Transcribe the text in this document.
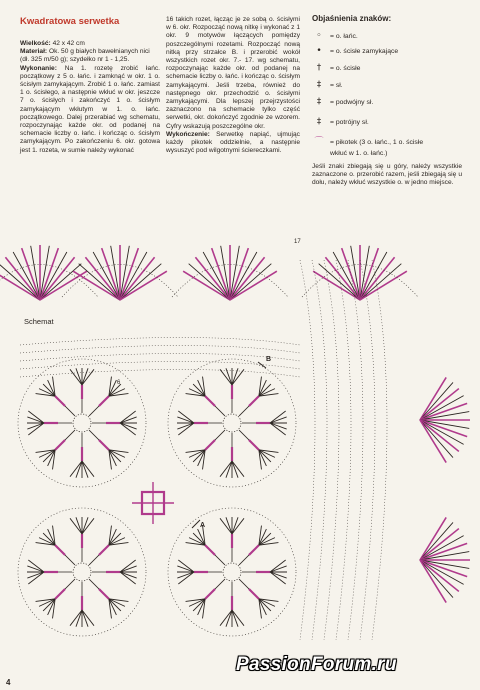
Kwadratowa serwetka

Wielkość: 42 x 42 cm

Materiał: Ok. 50 g białych bawełnianych nici (dł. 325 m/50 g); szydełko nr 1 - 1,25.

Wykonanie: Na 1. rozetę zrobić łańc. początkowy z 5 o. łańc. i zamknąć w okr. 1 o. ścisłym zamykającym. Zrobić 1 o. łańc. zamiast 1 o. ścisłego, a następnie wkłuć w okr. jeszcze 7 o. ścisłych i zakończyć 1 o. ścisłym zamykającym wkłutym w 1. o. łańc. początkowego. Dalej przerabiać wg schematu, rozpoczynając każde okr. od podanej na schemacie liczby o. łańc. i kończąc o. ścisłym zamykającym. Po zakończeniu 6. okr. gotowa jest 1. rozeta, w sumie należy wykonać

16 takich rozet, łącząc je ze sobą o. ścisłymi w 6. okr. Rozpocząć nową nitkę i wykonać z 1 okr. 9 motywów łączących pomiędzy poszczególnymi rozetami. Rozpocząć nową nitką przy strzałce B. i przerobić wokół wszystkich rozet okr. 7.- 17. wg schematu, rozpoczynając każde okr. od podanej na schemacie liczby o. łańc. i kończąc o. ścisłym zamykającymi. Jeśli trzeba, również do następnego okr. przechodzić o. ścisłymi zamykającymi. Dla lepszej przejrzystości zaznaczono na schemacie tylko część serwetki, okr. dokończyć zgodnie ze wzorem. Cyfry wskazują poszczególne okr.

Wykończenie: Serwetkę napiąć, ujmując każdy pikotek oddzielnie, a następnie wysuszyć pod wilgotnymi ściereczkami.

Objaśnienia znaków:
◦	= o. łańc.
•	= o. ścisłe zamykające
†	= o. ścisłe
‡	= sł.
‡	= podwójny sł.
‡	= potrójny sł.
⌒ = pikotek (3 o. łańc., 1 o. ścisłe
wkłuć w 1. o. łańc.)
Jeśli znaki zbiegają się u góry, należy wszystkie zaznaczone o. przerobić razem, jeśli zbiegają się u dołu, należy wkłuć wszystkie o. w jedno miejsce.
Schemat
B
A
6
17
4
PassionForum.ru
